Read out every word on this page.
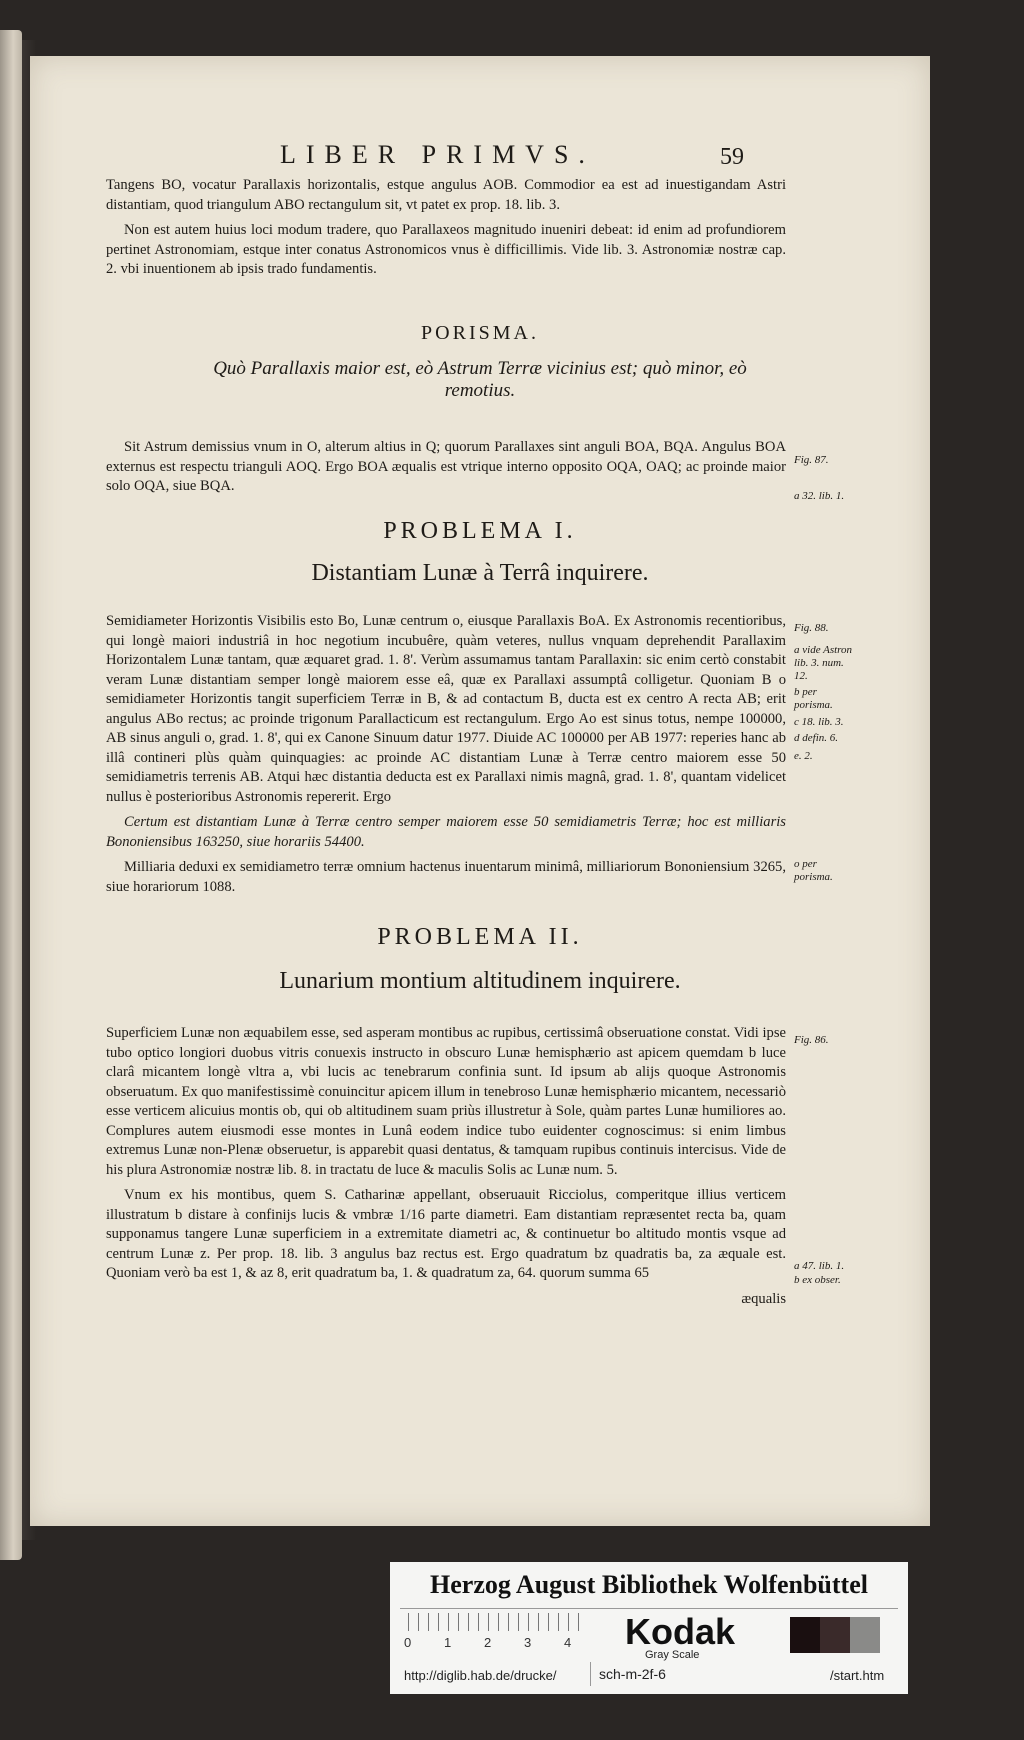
LIBER PRIMVS.	59

Tangens BO, vocatur Parallaxis horizontalis, estque angulus AOB. Commodior ea est ad inuestigandam Astri distantiam, quod triangulum ABO rectangulum sit, vt patet ex prop. 18. lib. 3.

Non est autem huius loci modum tradere, quo Parallaxeos magnitudo inueniri debeat: id enim ad profundiorem pertinet Astronomiam, estque inter conatus Astronomicos vnus è difficillimis. Vide lib. 3. Astronomiæ nostræ cap. 2. vbi inuentionem ab ipsis trado fundamentis.

PORISMA.
Quò Parallaxis maior est, eò Astrum Terræ vicinius est; quò minor, eò remotius.

Sit Astrum demissius vnum in O, alterum altius in Q; quorum Parallaxes sint anguli BOA, BQA. Angulus BOA externus est respectu trianguli AOQ. Ergo BOA æqualis est vtrique interno opposito OQA, OAQ; ac proinde maior solo OQA, siue BQA.

PROBLEMA I.
Distantiam Lunæ à Terrâ inquirere.

Semidiameter Horizontis Visibilis esto Bo, Lunæ centrum o, eiusque Parallaxis BoA. Ex Astronomis recentioribus, qui longè maiori industriâ in hoc negotium incubuêre, quàm veteres, nullus vnquam deprehendit Parallaxim Horizontalem Lunæ tantam, quæ æquaret grad. 1. 8'. Verùm assumamus tantam Parallaxin: sic enim certò constabit veram Lunæ distantiam semper longè maiorem esse eâ, quæ ex Parallaxi assumptâ colligetur. Quoniam B o semidiameter Horizontis tangit superficiem Terræ in B, & ad contactum B, ducta est ex centro A recta AB; erit angulus ABo rectus; ac proinde trigonum Parallacticum est rectangulum. Ergo Ao est sinus totus, nempe 100000, AB sinus anguli o, grad. 1. 8', qui ex Canone Sinuum datur 1977. Diuide AC 100000 per AB 1977: reperies hanc ab illâ contineri plùs quàm quinquagies: ac proinde AC distantiam Lunæ à Terræ centro maiorem esse 50 semidiametris terrenis AB. Atqui hæc distantia deducta est ex Parallaxi nimis magnâ, grad. 1. 8', quantam videlicet nullus è posterioribus Astronomis repererit. Ergo

Certum est distantiam Lunæ à Terræ centro semper maiorem esse 50 semidiametris Terræ; hoc est milliaris Bononiensibus 163250, siue horariis 54400.

Milliaria deduxi ex semidiametro terræ omnium hactenus inuentarum minimâ, milliariorum Bononiensium 3265, siue horariorum 1088.

PROBLEMA II.
Lunarium montium altitudinem inquirere.

Superficiem Lunæ non æquabilem esse, sed asperam montibus ac rupibus, certissimâ obseruatione constat. Vidi ipse tubo optico longiori duobus vitris conuexis instructo in obscuro Lunæ hemisphærio ast apicem quemdam b luce clarâ micantem longè vltra a, vbi lucis ac tenebrarum confinia sunt. Id ipsum ab alijs quoque Astronomis obseruatum. Ex quo manifestissimè conuincitur apicem illum in tenebroso Lunæ hemisphærio micantem, necessariò esse verticem alicuius montis ob, qui ob altitudinem suam priùs illustretur à Sole, quàm partes Lunæ humiliores ao. Complures autem eiusmodi esse montes in Lunâ eodem indice tubo euidenter cognoscimus: si enim limbus extremus Lunæ non-Plenæ obseruetur, is apparebit quasi dentatus, & tamquam rupibus continuis intercisus. Vide de his plura Astronomiæ nostræ lib. 8. in tractatu de luce & maculis Solis ac Lunæ num. 5.

Vnum ex his montibus, quem S. Catharinæ appellant, obseruauit Ricciolus, comperitque illius verticem illustratum b distare à confinijs lucis & vmbræ 1/16 parte diametri. Eam distantiam repræsentet recta ba, quam supponamus tangere Lunæ superficiem in a extremitate diametri ac, & continuetur bo altitudo montis vsque ad centrum Lunæ z. Per prop. 18. lib. 3 angulus baz rectus est. Ergo quadratum bz quadratis ba, za æquale est. Quoniam verò ba est 1, & az 8, erit quadratum ba, 1. & quadratum za, 64. quorum summa 65

æqualis

Fig. 87.
a 32. lib. 1.
Fig. 88.
a vide Astron lib. 3. num. 12.
b per porisma.
c 18. lib. 3.
d defin. 6.
e. 2.
o per porisma.
Fig. 86.
a 47. lib. 1.
b ex obser.
Herzog August Bibliothek Wolfenbüttel
0	1	2	3	4 Kodak
Gray Scale
http://diglib.hab.de/drucke/	sch-m-2f-6	/start.htm
